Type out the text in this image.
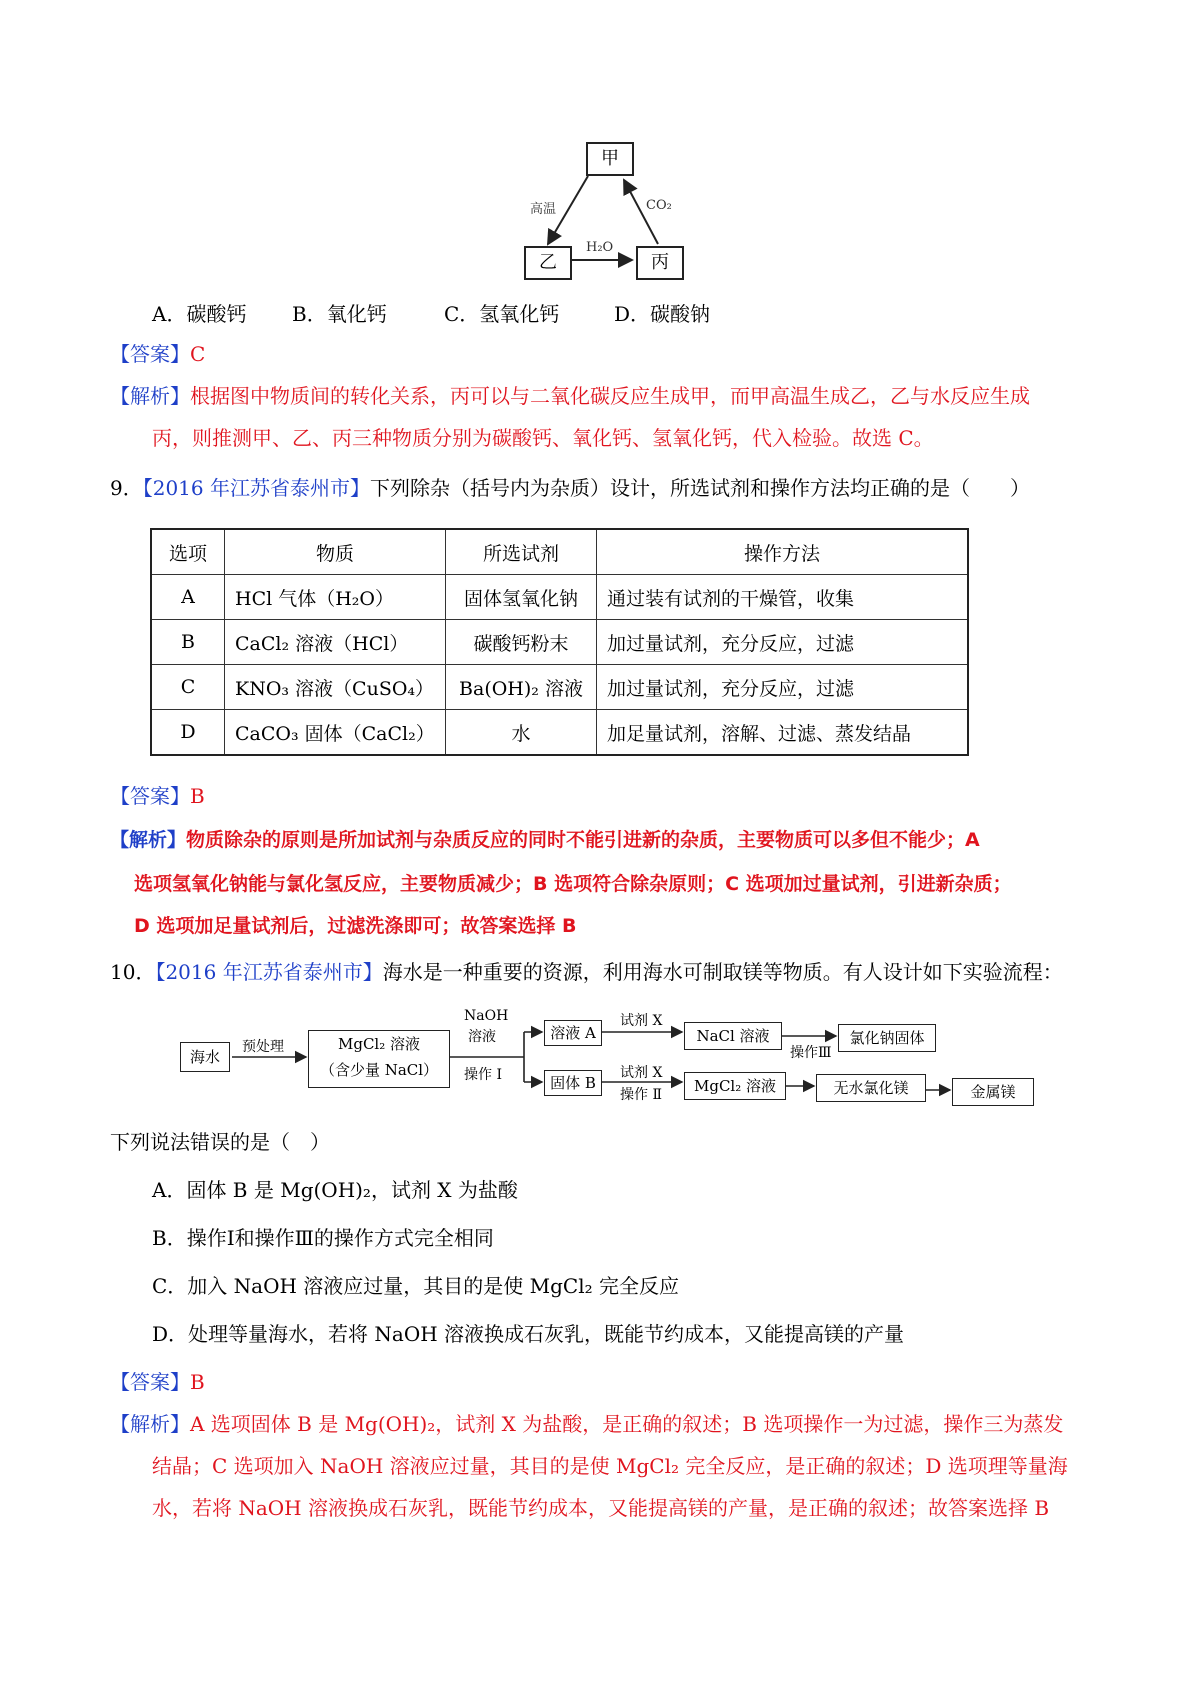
甲
乙	丙
高温
H₂O
CO₂
A．碳酸钙 B．氧化钙	C．氢氧化钙	D．碳酸钠
【答案】C
【解析】根据图中物质间的转化关系，丙可以与二氧化碳反应生成甲，而甲高温生成乙，乙与水反应生成
丙，则推测甲、乙、丙三种物质分别为碳酸钙、氧化钙、氢氧化钙，代入检验。故选 C。
9．【2016 年江苏省泰州市】下列除杂（括号内为杂质）设计，所选试剂和操作方法均正确的是（　　）
选项	物质	所选试剂	操作方法
A	HCl 气体（H₂O）	固体氢氧化钠	通过装有试剂的干燥管，收集
B	CaCl₂ 溶液（HCl）	碳酸钙粉末	加过量试剂，充分反应，过滤
C	KNO₃ 溶液（CuSO₄）	Ba(OH)₂ 溶液	加过量试剂，充分反应，过滤
D	CaCO₃ 固体（CaCl₂）	水	加足量试剂，溶解、过滤、蒸发结晶
【答案】B
【解析】物质除杂的原则是所加试剂与杂质反应的同时不能引进新的杂质，主要物质可以多但不能少；A
选项氢氧化钠能与氯化氢反应，主要物质减少；B 选项符合除杂原则；C 选项加过量试剂，引进新杂质；
D 选项加足量试剂后，过滤洗涤即可；故答案选择 B
10．【2016 年江苏省泰州市】海水是一种重要的资源，利用海水可制取镁等物质。有人设计如下实验流程：
海水
预处理	MgCl₂ 溶液
（含少量 NaCl）
NaOH
溶液
操作 Ⅰ
溶液 A
试剂 X
NaCl 溶液
操作Ⅲ
氯化钠固体
固体 B
试剂 X
操作 Ⅱ	MgCl₂ 溶液	无水氯化镁	金属镁
下列说法错误的是（　）
A．固体 B 是 Mg(OH)₂，试剂 X 为盐酸
B．操作Ⅰ和操作Ⅲ的操作方式完全相同
C．加入 NaOH 溶液应过量，其目的是使 MgCl₂ 完全反应
D．处理等量海水，若将 NaOH 溶液换成石灰乳，既能节约成本，又能提高镁的产量
【答案】B
【解析】A 选项固体 B 是 Mg(OH)₂，试剂 X 为盐酸，是正确的叙述；B 选项操作一为过滤，操作三为蒸发
结晶；C 选项加入 NaOH 溶液应过量，其目的是使 MgCl₂ 完全反应，是正确的叙述；D 选项理等量海
水，若将 NaOH 溶液换成石灰乳，既能节约成本，又能提高镁的产量，是正确的叙述；故答案选择 B
